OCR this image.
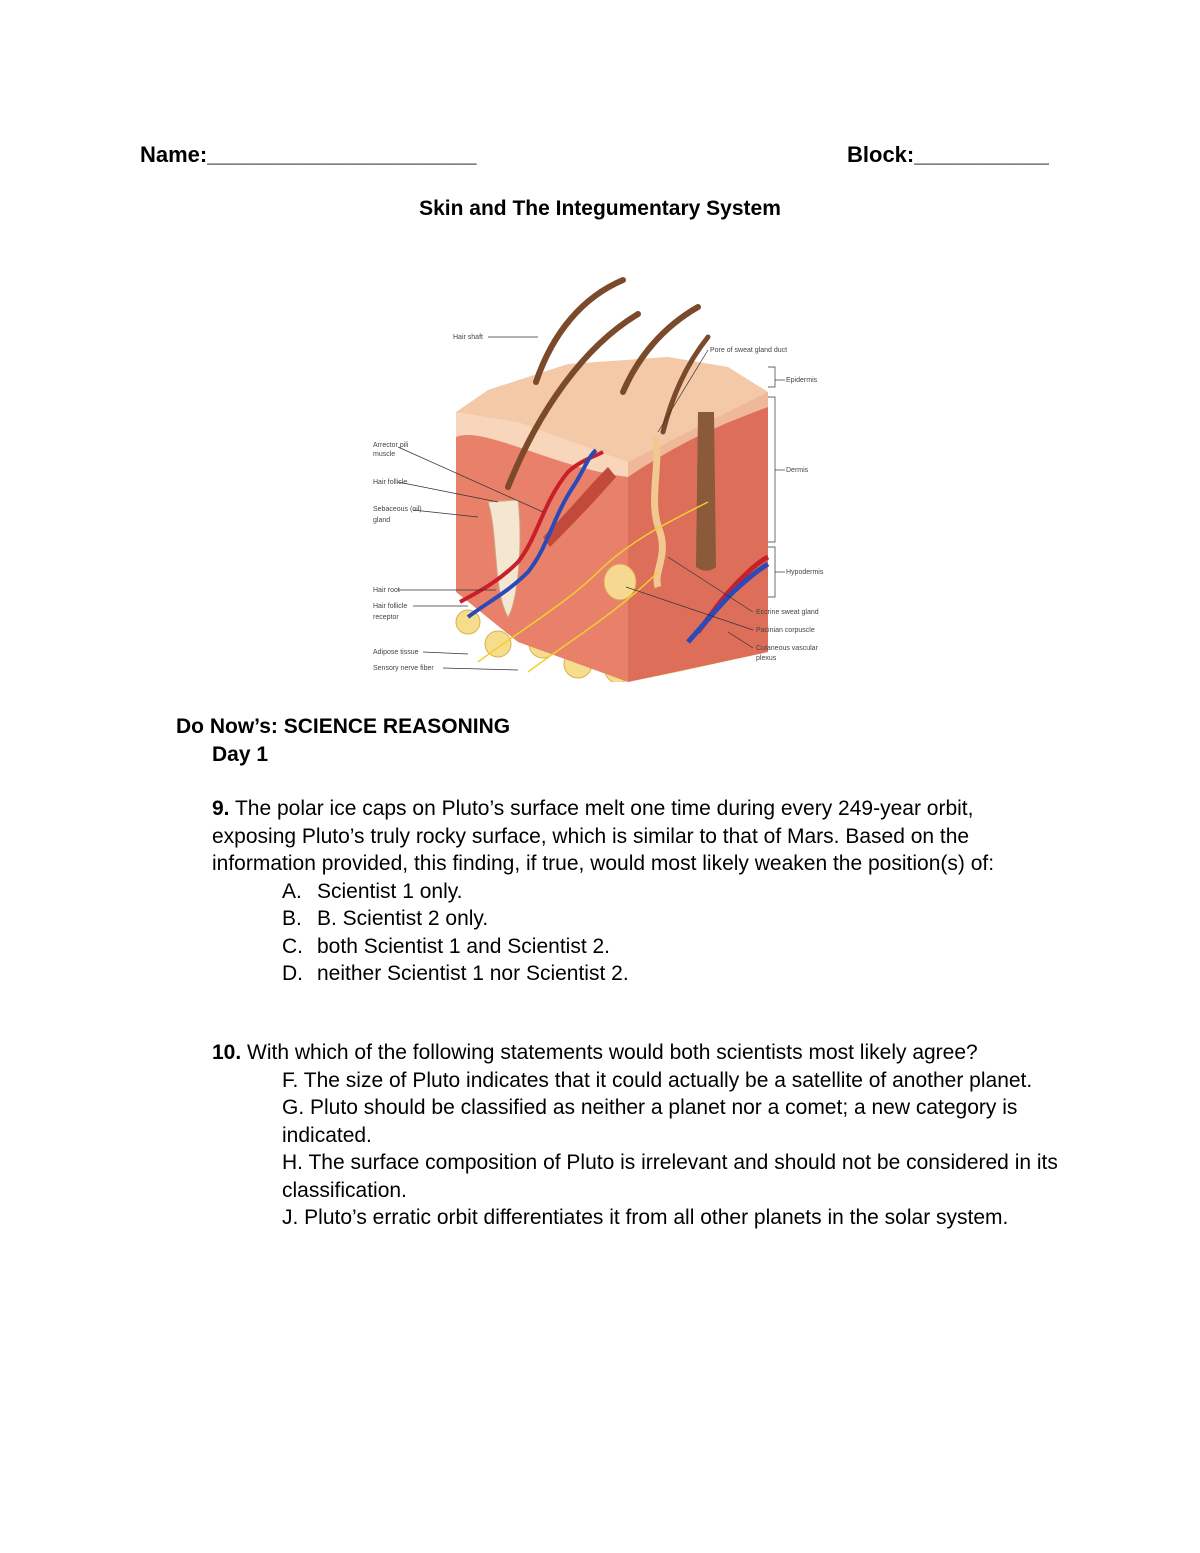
Name:______________________	Block:___________
Skin and The Integumentary System
Hair shaft
Arrector pili
muscle
Hair follicle
Sebaceous (oil)
gland
Hair root
Hair follicle
receptor
Adipose tissue
Sensory nerve fiber
Pore of sweat gland duct
Epidermis
Dermis
Hypodermis
Eccrine sweat gland
Pacinian corpuscle
Cutaneous vascular
plexus
Do Now’s: SCIENCE REASONING
Day 1
9. The polar ice caps on Pluto’s surface melt one time during every 249-year orbit, exposing Pluto’s truly rocky surface, which is similar to that of Mars. Based on the information provided, this finding, if true, would most likely weaken the position(s) of:
A. Scientist 1 only.
B. B. Scientist 2 only.
C. both Scientist 1 and Scientist 2.
D. neither Scientist 1 nor Scientist 2.
10. With which of the following statements would both scientists most likely agree?
F. The size of Pluto indicates that it could actually be a satellite of another planet.
G. Pluto should be classified as neither a planet nor a comet; a new category is indicated.
H. The surface composition of Pluto is irrelevant and should not be considered in its classification.
J. Pluto’s erratic orbit differentiates it from all other planets in the solar system.
